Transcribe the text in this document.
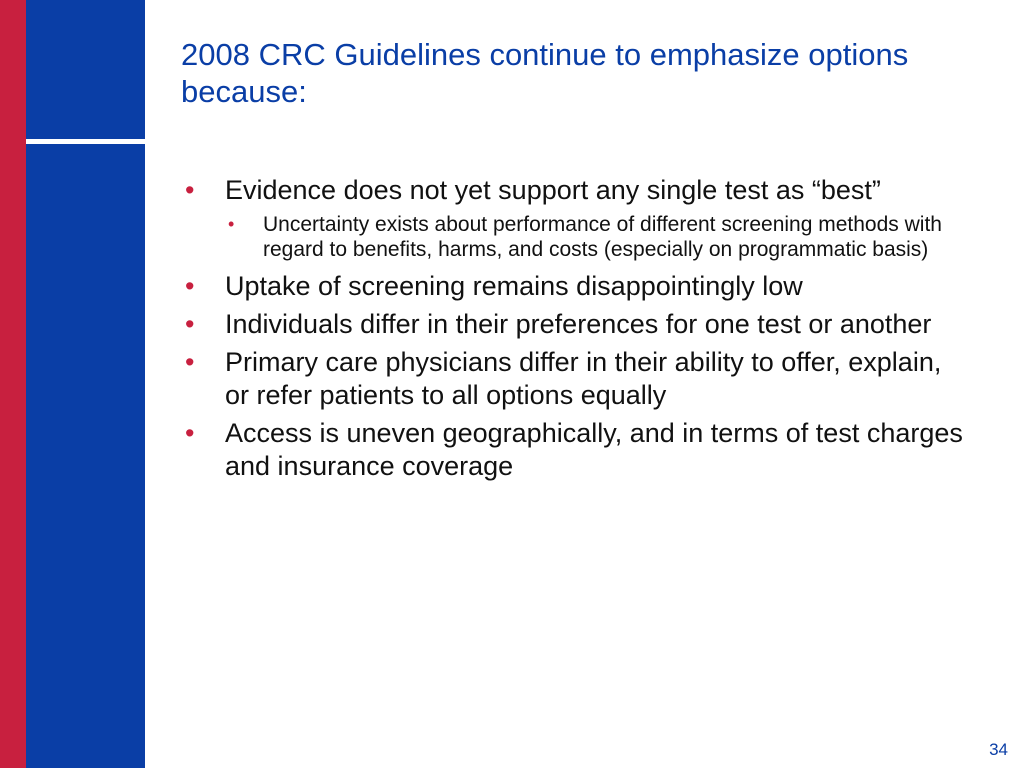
2008 CRC Guidelines continue to emphasize options because:
• Evidence does not yet support any single test as “best”
• Uncertainty exists about performance of different screening methods with regard to benefits, harms, and costs (especially on programmatic basis)
• Uptake of screening remains disappointingly low
• Individuals differ in their preferences for one test or another
• Primary care physicians differ in their ability to offer, explain, or refer patients to all options equally
• Access is uneven geographically, and in terms of test charges and insurance coverage
34
